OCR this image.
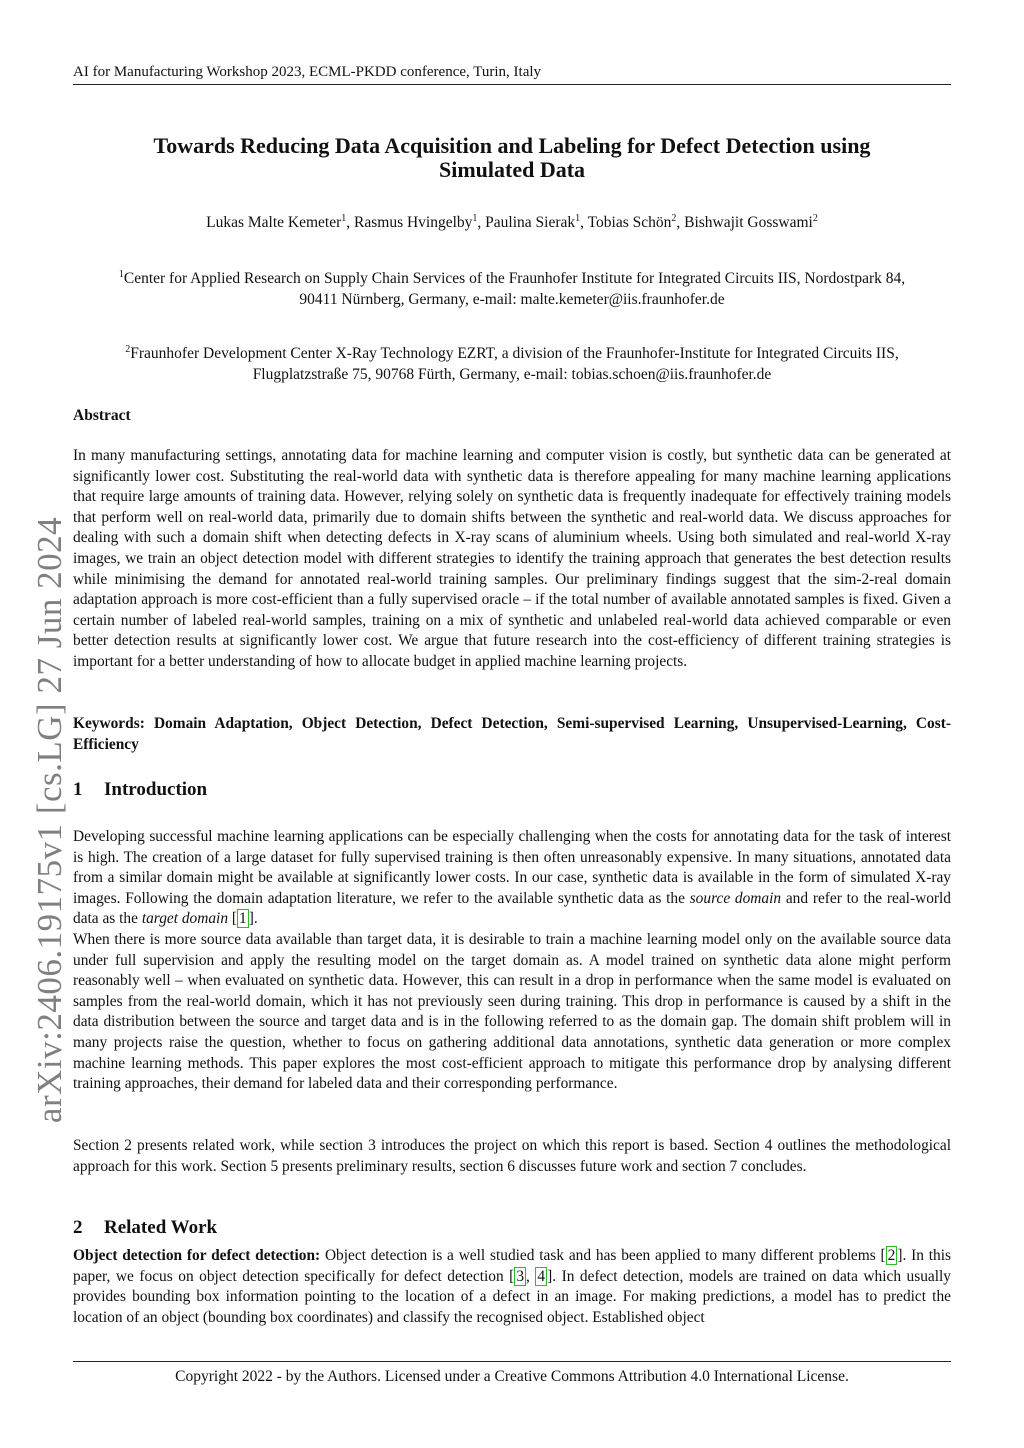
AI for Manufacturing Workshop 2023, ECML-PKDD conference, Turin, Italy
arXiv:2406.19175v1 [cs.LG] 27 Jun 2024
Towards Reducing Data Acquisition and Labeling for Defect Detection using
Simulated Data
Lukas Malte Kemeter$^1$, Rasmus Hvingelby$^1$, Paulina Sierak$^1$, Tobias Schön$^2$, Bishwajit Gosswami$^2$
$^1$Center for Applied Research on Supply Chain Services of the Fraunhofer Institute for Integrated Circuits IIS, Nordostpark 84,
90411 Nürnberg, Germany, e-mail: malte.kemeter@iis.fraunhofer.de
$^2$Fraunhofer Development Center X-Ray Technology EZRT, a division of the Fraunhofer-Institute for Integrated Circuits IIS,
Flugplatzstraße 75, 90768 Fürth, Germany, e-mail: tobias.schoen@iis.fraunhofer.de
Abstract

In many manufacturing settings, annotating data for machine learning and computer vision is costly, but synthetic data can be generated at significantly lower cost. Substituting the real-world data with synthetic data is therefore appealing for many machine learning applications that require large amounts of training data. However, relying solely on synthetic data is frequently inadequate for effectively training models that perform well on real-world data, primarily due to domain shifts between the synthetic and real-world data. We discuss approaches for dealing with such a domain shift when detecting defects in X-ray scans of aluminium wheels. Using both simulated and real-world X-ray images, we train an object detection model with different strategies to identify the training approach that generates the best detection results while minimising the demand for annotated real-world training samples. Our preliminary findings suggest that the sim-2-real domain adaptation approach is more cost-efficient than a fully supervised oracle – if the total number of available annotated samples is fixed. Given a certain number of labeled real-world samples, training on a mix of synthetic and unlabeled real-world data achieved comparable or even better detection results at significantly lower cost. We argue that future research into the cost-efficiency of different training strategies is important for a better understanding of how to allocate budget in applied machine learning projects.

Keywords: Domain Adaptation, Object Detection, Defect Detection, Semi-supervised Learning, Unsupervised-Learning, Cost-Efficiency

1 Introduction

Developing successful machine learning applications can be especially challenging when the costs for annotating data for the task of interest is high. The creation of a large dataset for fully supervised training is then often unreasonably expensive. In many situations, annotated data from a similar domain might be available at significantly lower costs. In our case, synthetic data is available in the form of simulated X-ray images. Following the domain adaptation literature, we refer to the available synthetic data as the source domain and refer to the real-world data as the target domain [ 1 ].

When there is more source data available than target data, it is desirable to train a machine learning model only on the available source data under full supervision and apply the resulting model on the target domain as. A model trained on synthetic data alone might perform reasonably well – when evaluated on synthetic data. However, this can result in a drop in performance when the same model is evaluated on samples from the real-world domain, which it has not previously seen during training. This drop in performance is caused by a shift in the data distribution between the source and target data and is in the following referred to as the domain gap. The domain shift problem will in many projects raise the question, whether to focus on gathering additional data annotations, synthetic data generation or more complex machine learning methods. This paper explores the most cost-efficient approach to mitigate this performance drop by analysing different training approaches, their demand for labeled data and their corresponding performance.

Section 2 presents related work, while section 3 introduces the project on which this report is based. Section 4 outlines the methodological approach for this work. Section 5 presents preliminary results, section 6 discusses future work and section 7 concludes.

2 Related Work

Object detection for defect detection: Object detection is a well studied task and has been applied to many different problems [ 2 ]. In this paper, we focus on object detection specifically for defect detection [ 3 , 4 ]. In defect detection, models are trained on data which usually provides bounding box information pointing to the location of a defect in an image. For making predictions, a model has to predict the location of an object (bounding box coordinates) and classify the recognised object. Established object

Copyright 2022 - by the Authors. Licensed under a Creative Commons Attribution 4.0 International License.
